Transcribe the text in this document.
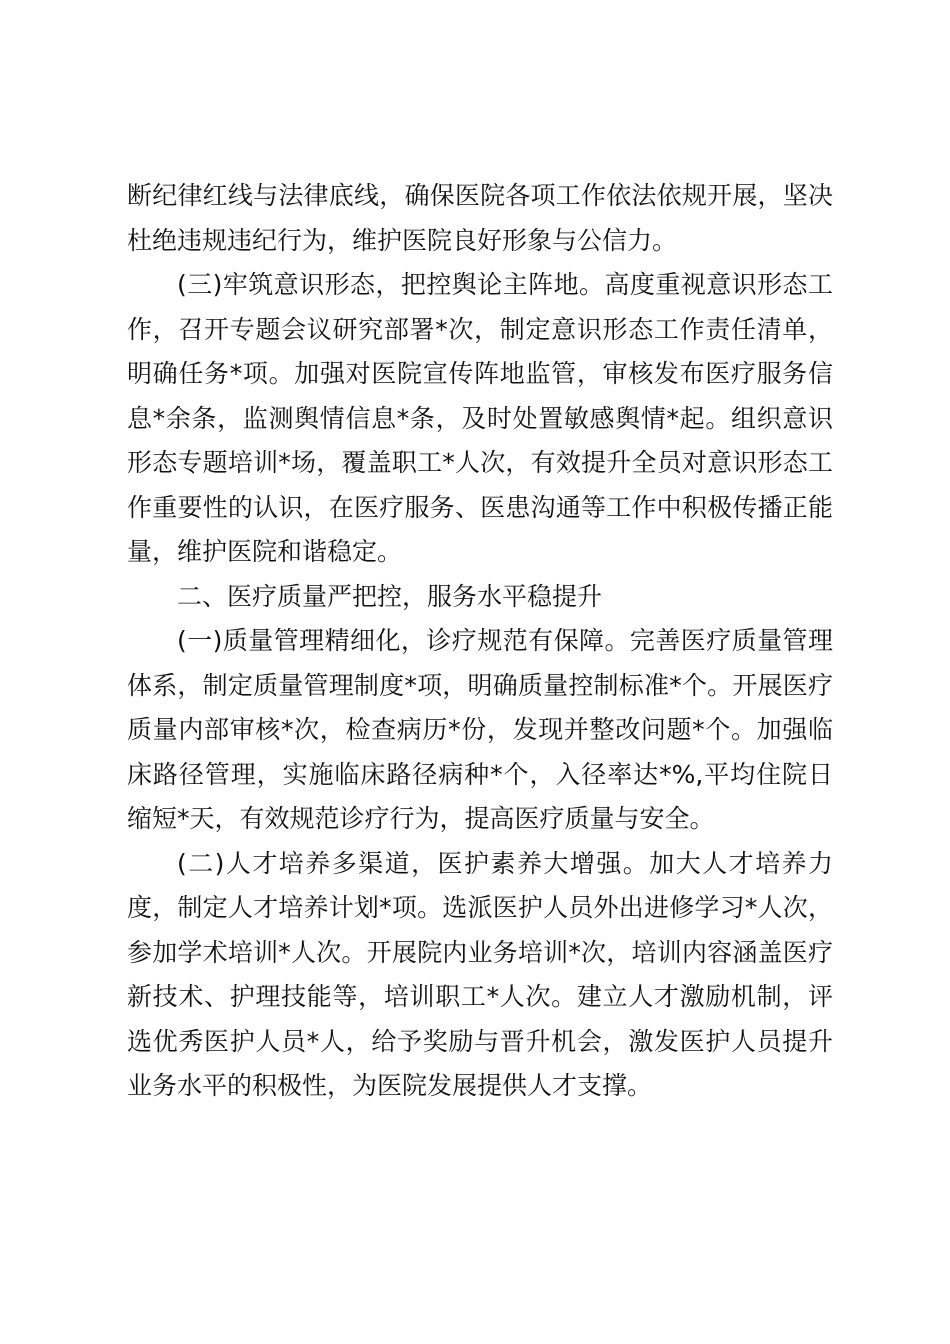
断纪律红线与法律底线，确保医院各项工作依法依规开展，坚决杜绝违规违纪行为，维护医院良好形象与公信力。

(三)牢筑意识形态，把控舆论主阵地。高度重视意识形态工作，召开专题会议研究部署*次，制定意识形态工作责任清单，明确任务*项。加强对医院宣传阵地监管，审核发布医疗服务信息*余条，监测舆情信息*条，及时处置敏感舆情*起。组织意识形态专题培训*场，覆盖职工*人次，有效提升全员对意识形态工作重要性的认识，在医疗服务、医患沟通等工作中积极传播正能量，维护医院和谐稳定。

二、医疗质量严把控，服务水平稳提升

(一)质量管理精细化，诊疗规范有保障。完善医疗质量管理体系，制定质量管理制度*项，明确质量控制标准*个。开展医疗质量内部审核*次，检查病历*份，发现并整改问题*个。加强临床路径管理，实施临床路径病种*个，入径率达*%,平均住院日缩短*天，有效规范诊疗行为，提高医疗质量与安全。

(二)人才培养多渠道，医护素养大增强。加大人才培养力度，制定人才培养计划*项。选派医护人员外出进修学习*人次，参加学术培训*人次。开展院内业务培训*次，培训内容涵盖医疗新技术、护理技能等，培训职工*人次。建立人才激励机制，评选优秀医护人员*人，给予奖励与晋升机会，激发医护人员提升业务水平的积极性，为医院发展提供人才支撑。
